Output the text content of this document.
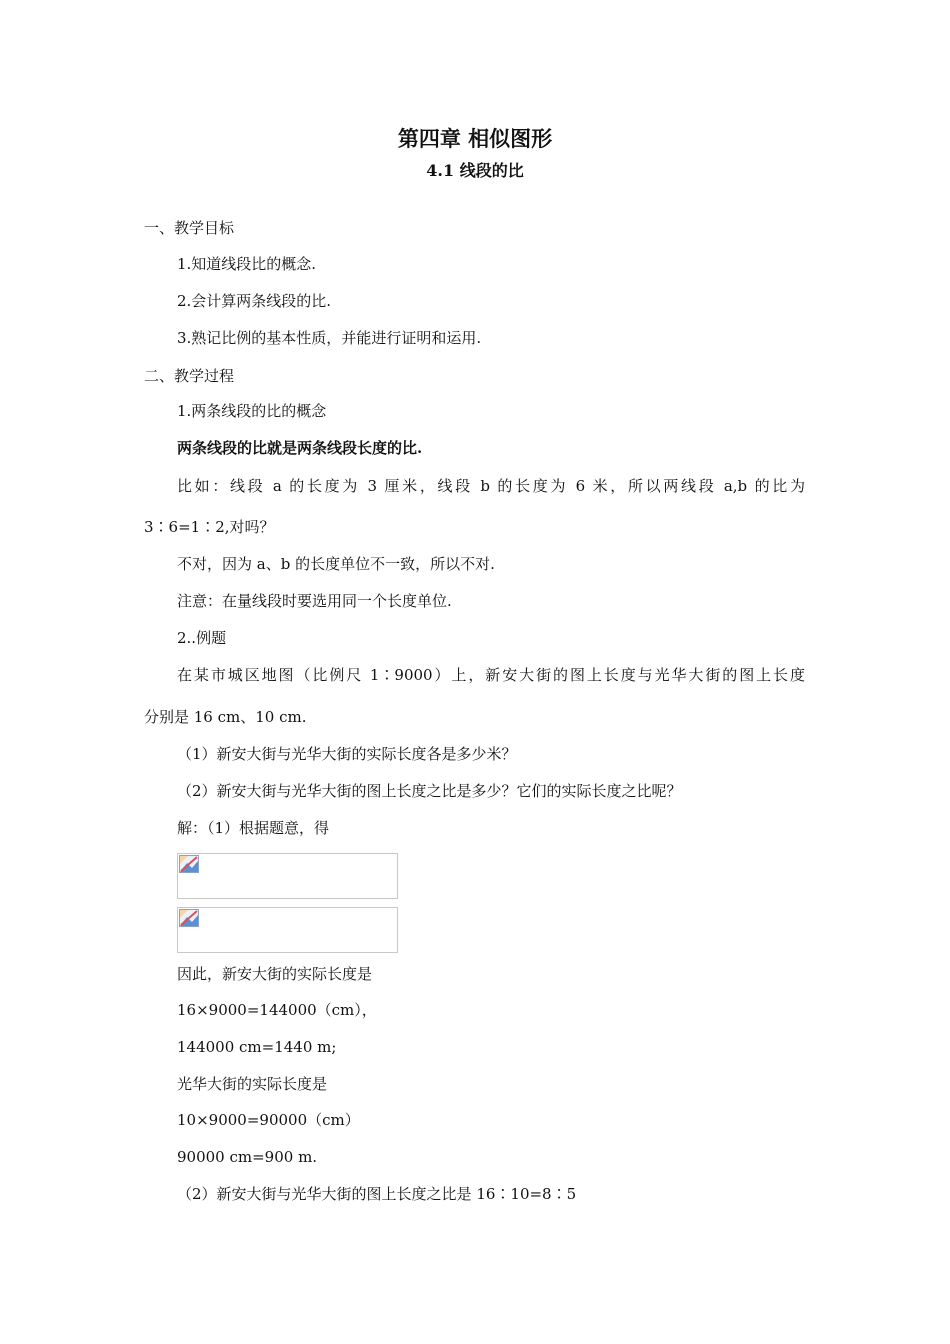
第四章 相似图形
4.1 线段的比
一、教学目标
1.知道线段比的概念.
2.会计算两条线段的比.
3.熟记比例的基本性质，并能进行证明和运用.
二、教学过程
1.两条线段的比的概念
两条线段的比就是两条线段长度的比.
比如：线段 a 的长度为 3 厘米，线段 b 的长度为 6 米，所以两线段 a,b 的比为
3∶6=1∶2,对吗？
不对，因为 a、b 的长度单位不一致，所以不对.
注意：在量线段时要选用同一个长度单位.
2..例题
在某市城区地图（比例尺 1∶9000）上，新安大街的图上长度与光华大街的图上长度
分别是 16 cm、10 cm.
（1）新安大街与光华大街的实际长度各是多少米？
（2）新安大街与光华大街的图上长度之比是多少？它们的实际长度之比呢？
解：（1）根据题意，得
因此，新安大街的实际长度是
16×9000=144000（cm），
144000 cm=1440 m;
光华大街的实际长度是
10×9000=90000（cm）
90000 cm=900 m.
（2）新安大街与光华大街的图上长度之比是 16∶10=8∶5
